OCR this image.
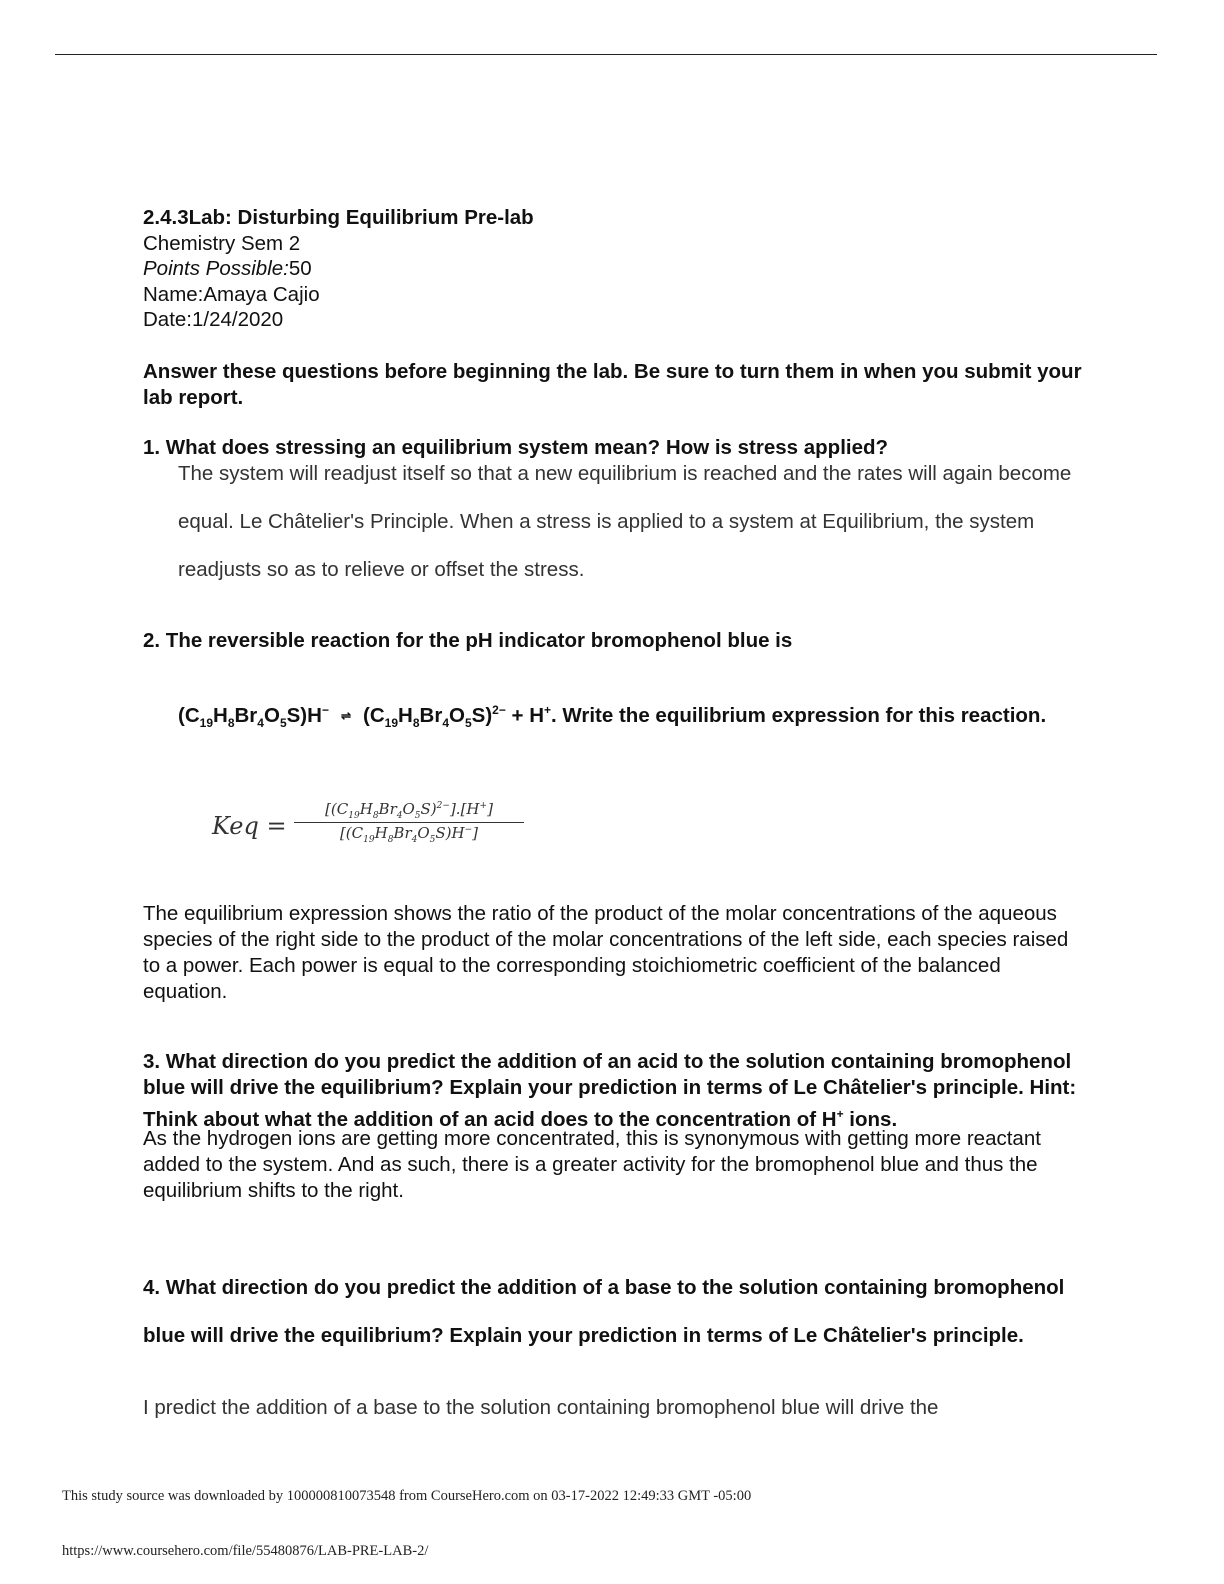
2.4.3Lab: Disturbing Equilibrium Pre-lab
Chemistry Sem 2
Points Possible:50
Name:Amaya Cajio
Date:1/24/2020
Answer these questions before beginning the lab. Be sure to turn them in when you submit your lab report.
1. What does stressing an equilibrium system mean? How is stress applied?
The system will readjust itself so that a new equilibrium is reached and the rates will again become equal. Le Châtelier's Principle. When a stress is applied to a system at Equilibrium, the system readjusts so as to relieve or offset the stress.
2. The reversible reaction for the pH indicator bromophenol blue is
$(C_{19}H_8Br_4O_5S)H^-$ ⇌ $(C_{19}H_8Br_4O_5S)^{2-} + H^+$. Write the equilibrium expression for this reaction.
Keq = $\frac{[(C_{19}H_8Br_4O_5S)^{2-}].[H^+]}{[(C_{19}H_8Br_4O_5S)H^-]}$
The equilibrium expression shows the ratio of the product of the molar concentrations of the aqueous species of the right side to the product of the molar concentrations of the left side, each species raised to a power. Each power is equal to the corresponding stoichiometric coefficient of the balanced equation.
3. What direction do you predict the addition of an acid to the solution containing bromophenol blue will drive the equilibrium? Explain your prediction in terms of Le Châtelier's principle. Hint: Think about what the addition of an acid does to the concentration of H+ ions.
As the hydrogen ions are getting more concentrated, this is synonymous with getting more reactant added to the system. And as such, there is a greater activity for the bromophenol blue and thus the equilibrium shifts to the right.
4. What direction do you predict the addition of a base to the solution containing bromophenol blue will drive the equilibrium? Explain your prediction in terms of Le Châtelier's principle.
I predict the addition of a base to the solution containing bromophenol blue will drive the
This study source was downloaded by 100000810073548 from CourseHero.com on 03-17-2022 12:49:33 GMT -05:00
https://www.coursehero.com/file/55480876/LAB-PRE-LAB-2/
